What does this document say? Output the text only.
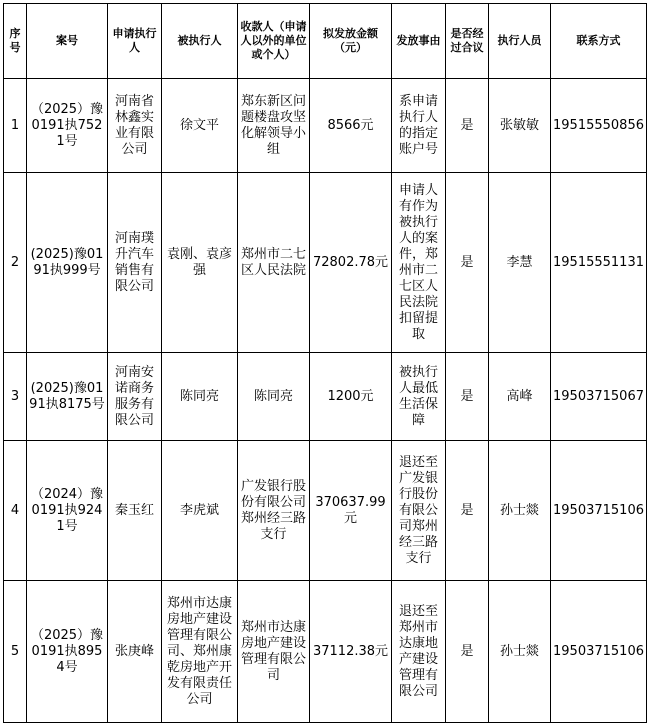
序号	案号	申请执行人	被执行人	收款人（申请人以外的单位或个人）	拟发放金额（元）	发放事由	是否经过合议	执行人员	联系方式
1	（2025）豫0191执7521号	河南省林鑫实业有限公司	徐文平	郑东新区问题楼盘攻坚化解领导小组	8566元	系申请执行人的指定账户号	是	张敏敏	19515550856
2	(2025)豫0191执999号	河南璞升汽车销售有限公司	袁刚、袁彦强	郑州市二七区人民法院	72802.78元	申请人有作为被执行人的案件，郑州市二七区人民法院扣留提取	是	李慧	19515551131
3	(2025)豫0191执8175号	河南安诺商务服务有限公司	陈同亮	陈同亮	1200元	被执行人最低生活保障	是	高峰	19503715067
4	（2024）豫0191执9241号	秦玉红	李虎斌	广发银行股份有限公司郑州经三路支行	370637.99元	退还至广发银行股份有限公司郑州经三路支行	是	孙士燚	19503715106
5	（2025）豫0191执8954号	张庚峰	郑州市达康房地产建设管理有限公司、郑州康乾房地产开发有限责任公司	郑州市达康房地产建设管理有限公司	37112.38元	退还至郑州市达康地产建设管理有限公司	是	孙士燚	19503715106
